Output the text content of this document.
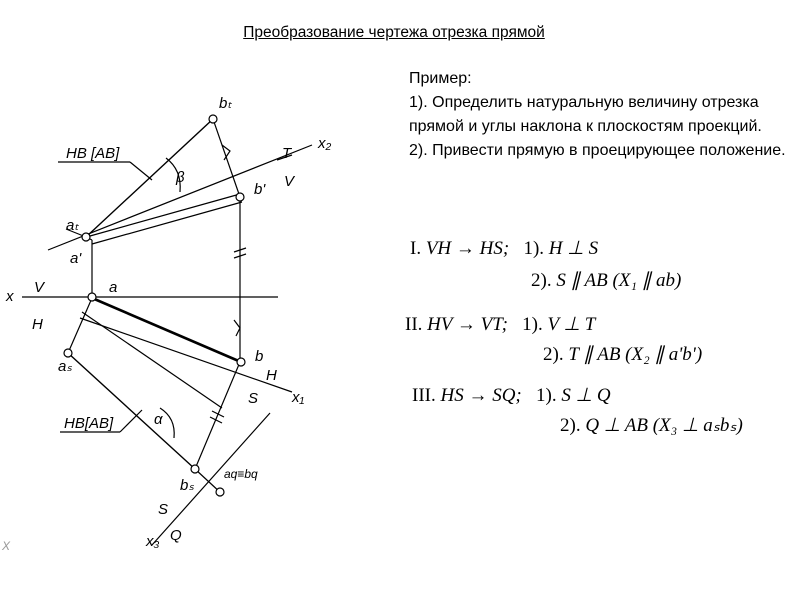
Преобразование чертежа отрезка прямой
Пример:
1). Определить натуральную величину отрезка прямой и углы наклона к плоскостям проекций.
2). Привести прямую в проецирующее положение.
I. VH → HS; 1). H ⊥ S
2). S ∥ AB (X₁ ∥ ab)
II. HV → VT; 1). V ⊥ T
2). T ∥ AB (X₂ ∥ a'b')
III. HS → SQ; 1). S ⊥ Q
2). Q ⊥ AB (X₃ ⊥ aₛbₛ)
x
V
H
a
b
a'
b'
aₜ
bₜ
x₂
T
V
H
x₁
S
aₛ
bₛ
aq≡bq
S
Q
x₃
НВ [AB]
НВ[AB]
β
α
X
